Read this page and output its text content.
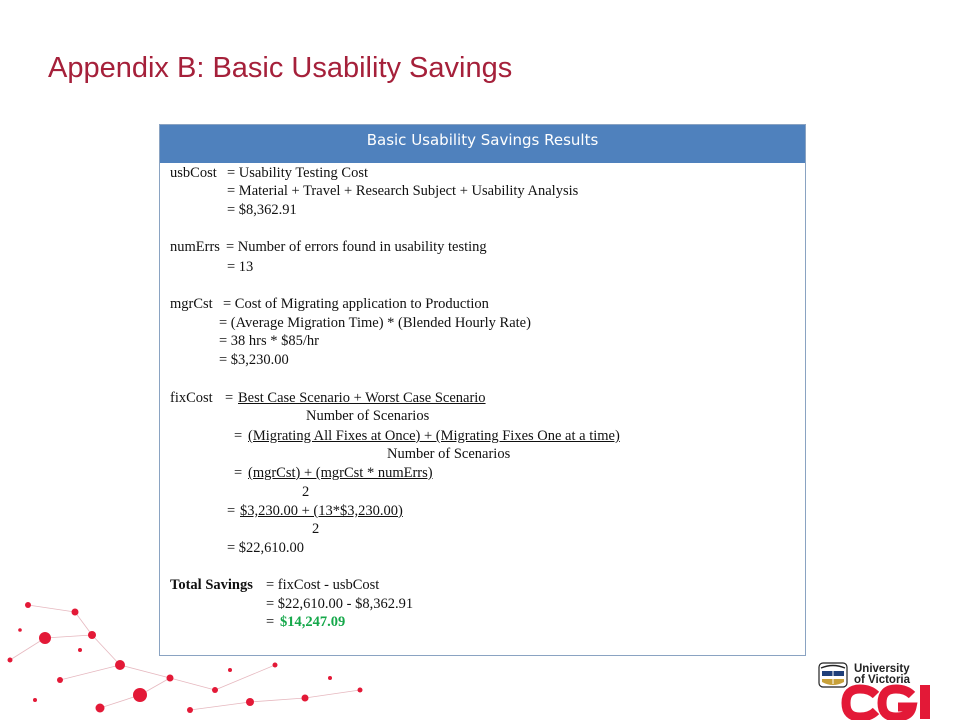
Appendix B: Basic Usability Savings
Basic Usability Savings Results
usbCost = Usability Testing Cost
= Material + Travel + Research Subject + Usability Analysis
= $8,362.91
numErrs = Number of errors found in usability testing
= 13
mgrCst = Cost of Migrating application to Production
= (Average Migration Time) * (Blended Hourly Rate)
= 38 hrs * $85/hr
= $3,230.00
fixCost = Best Case Scenario + Worst Case Scenario
Number of Scenarios
= (Migrating All Fixes at Once) + (Migrating Fixes One at a time)
Number of Scenarios
= (mgrCst) + (mgrCst * numErrs)
2
= $3,230.00 + (13*$3,230.00)
2
= $22,610.00
Total Savings = fixCost - usbCost
= $22,610.00 - $8,362.91
= $14,247.09
University
of Victoria
